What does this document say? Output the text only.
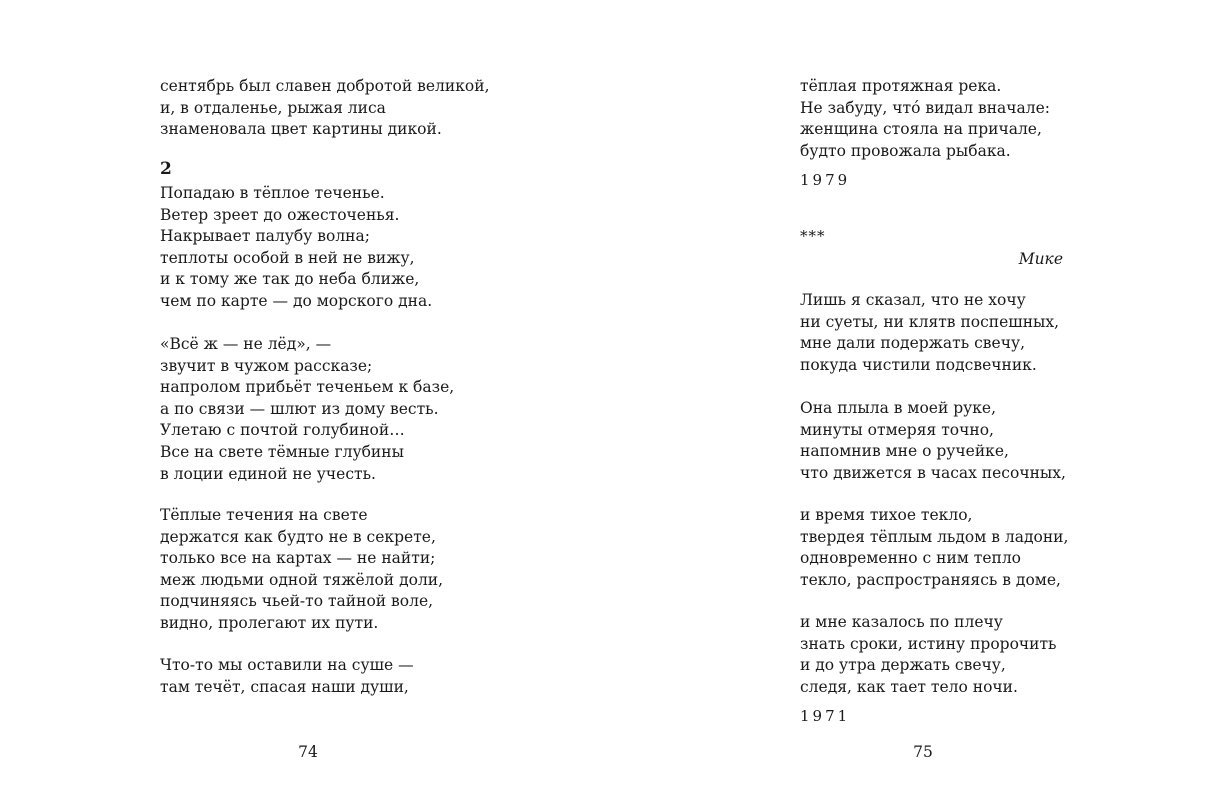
сентябрь был славен добротой великой,
и, в отдаленье, рыжая лиса
знаменовала цвет картины дикой.
2
Попадаю в тёплое теченье.
Ветер зреет до ожесточенья.
Накрывает палубу волна;
теплоты особой в ней не вижу,
и к тому же так до неба ближе,
чем по карте — до морского дна.
«Всё ж — не лёд», —
звучит в чужом рассказе;
напролом прибьёт теченьем к базе,
а по связи — шлют из дому весть.
Улетаю с почтой голубиной…
Все на свете тёмные глубины
в лоции единой не учесть.
Тёплые течения на свете
держатся как будто не в секрете,
только все на картах — не найти;
меж людьми одной тяжёлой доли,
подчиняясь чьей-то тайной воле,
видно, пролегают их пути.
Что-то мы оставили на суше —
там течёт, спасая наши души,
74
тёплая протяжная река.
Не забуду, что́ видал вначале:
женщина стояла на причале,
будто провожала рыбака.
1979
***
Мике
Лишь я сказал, что не хочу
ни суеты, ни клятв поспешных,
мне дали подержать свечу,
покуда чистили подсвечник.
Она плыла в моей руке,
минуты отмеряя точно,
напомнив мне о ручейке,
что движется в часах песочных,
и время тихое текло,
твердея тёплым льдом в ладони,
одновременно с ним тепло
текло, распространяясь в доме,
и мне казалось по плечу
знать сроки, истину пророчить
и до утра держать свечу,
следя, как тает тело ночи.
1971
75
